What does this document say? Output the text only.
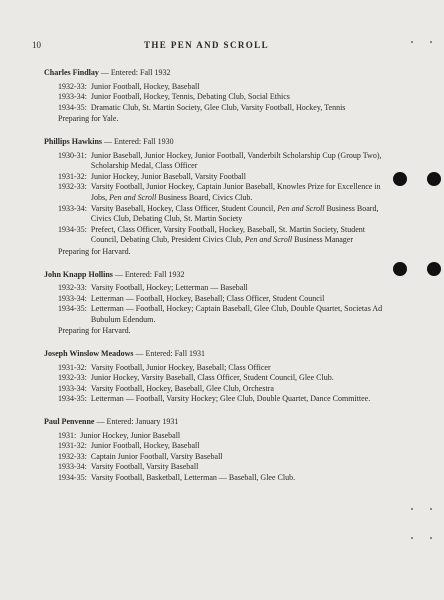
10	THE PEN AND SCROLL
Charles Findlay — Entered: Fall 1932
1932-33: Junior Football, Hockey, Baseball
1933-34: Junior Football, Hockey, Tennis, Debating Club, Social Ethics
1934-35: Dramatic Club, St. Martin Society, Glee Club, Varsity Football, Hockey, Tennis
Preparing for Yale.
Phillips Hawkins — Entered: Fall 1930
1930-31: Junior Baseball, Junior Hockey, Junior Football, Vanderbilt Scholarship Cup (Group Two), Scholarship Medal, Class Officer
1931-32: Junior Hockey, Junior Baseball, Varsity Football
1932-33: Varsity Football, Junior Hockey, Captain Junior Baseball, Knowles Prize for Excellence in Jobs, Pen and Scroll Business Board, Civics Club.
1933-34: Varsity Baseball, Hockey, Class Officer, Student Council, Pen and Scroll Business Board, Civics Club, Debating Club, St. Martin Society
1934-35: Prefect, Class Officer, Varsity Football, Hockey, Baseball, St. Martin Society, Student Council, Debating Club, President Civics Club, Pen and Scroll Business Manager
Preparing for Harvard.
John Knapp Hollins — Entered: Fall 1932
1932-33: Varsity Football, Hockey; Letterman — Baseball
1933-34: Letterman — Football, Hockey, Baseball; Class Officer, Student Council
1934-35: Letterman — Football, Hockey; Captain Baseball, Glee Club, Double Quartet, Societas Ad Bubulum Edendum.
Preparing for Harvard.
Joseph Winslow Meadows — Entered: Fall 1931
1931-32: Varsity Football, Junior Hockey, Baseball; Class Officer
1932-33: Junior Hockey, Varsity Baseball, Class Officer, Student Council, Glee Club.
1933-34: Varsity Football, Hockey, Baseball, Glee Club, Orchestra
1934-35: Letterman — Football, Varsity Hockey; Glee Club, Double Quartet, Dance Committee.
Paul Penvenne — Entered: January 1931
1931: Junior Hockey, Junior Baseball
1931-32: Junior Football, Hockey, Baseball
1932-33: Captain Junior Football, Varsity Baseball
1933-34: Varsity Football, Varsity Baseball
1934-35: Varsity Football, Basketball, Letterman — Baseball, Glee Club.
